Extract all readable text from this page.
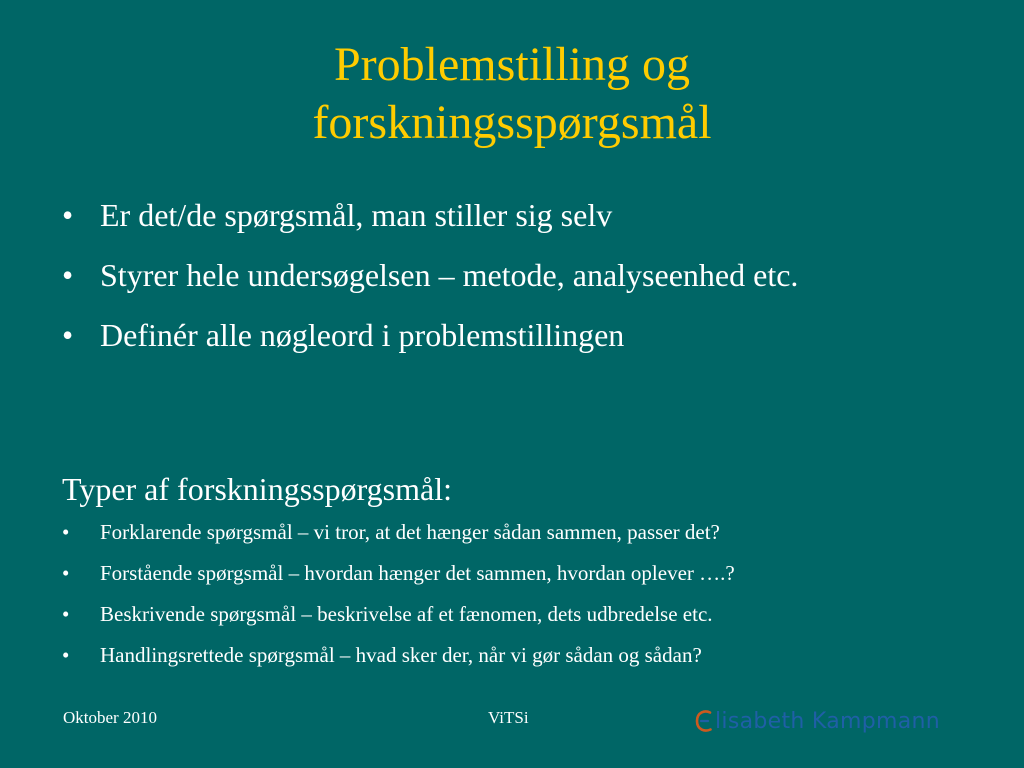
Problemstilling og
forskningsspørgsmål
• Er det/de spørgsmål, man stiller sig selv
• Styrer hele undersøgelsen – metode, analyseenhed etc.
• Definér alle nøgleord i problemstillingen
Typer af forskningsspørgsmål:
• Forklarende spørgsmål – vi tror, at det hænger sådan sammen, passer det?
• Forstående spørgsmål – hvordan hænger det sammen, hvordan oplever ….?
• Beskrivende spørgsmål – beskrivelse af et fænomen, dets udbredelse etc.
• Handlingsrettede spørgsmål – hvad sker der, når vi gør sådan og sådan?
Oktober 2010	ViTSi	lisabeth Kampmann
